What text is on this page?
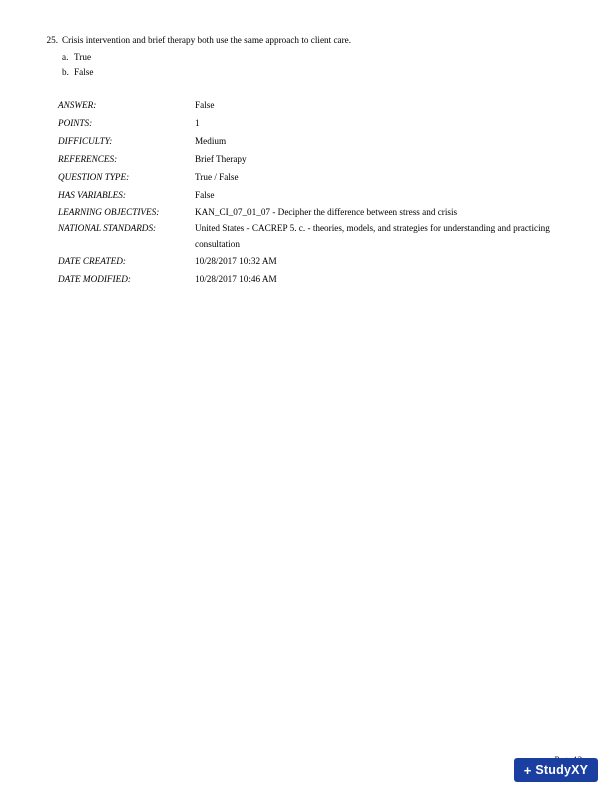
25. Crisis intervention and brief therapy both use the same approach to client care.
a. True
b. False
ANSWER:	False
POINTS:	1
DIFFICULTY:	Medium
REFERENCES:	Brief Therapy
QUESTION TYPE:	True / False
HAS VARIABLES:	False
LEARNING OBJECTIVES:	KAN_CI_07_01_07 - Decipher the difference between stress and crisis
NATIONAL STANDARDS:	United States - CACREP 5. c. - theories, models, and strategies for understanding and practicing consultation
DATE CREATED:	10/28/2017 10:32 AM
DATE MODIFIED:	10/28/2017 10:46 AM
+ StudyXY
